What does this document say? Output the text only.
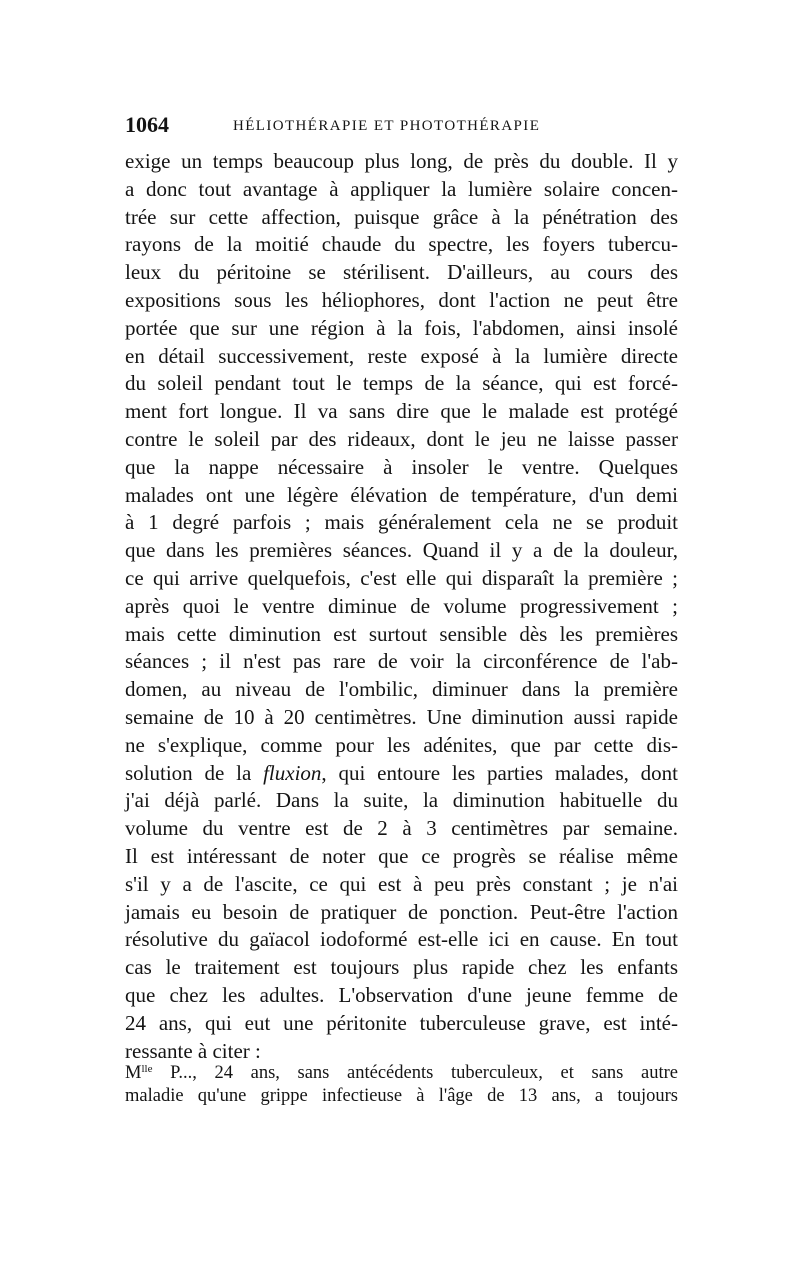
1064	HÉLIOTHÉRAPIE ET PHOTOTHÉRAPIE
exige un temps beaucoup plus long, de près du double. Il y
a donc tout avantage à appliquer la lumière solaire concen-
trée sur cette affection, puisque grâce à la pénétration des
rayons de la moitié chaude du spectre, les foyers tubercu-
leux du péritoine se stérilisent. D'ailleurs, au cours des
expositions sous les héliophores, dont l'action ne peut être
portée que sur une région à la fois, l'abdomen, ainsi insolé
en détail successivement, reste exposé à la lumière directe
du soleil pendant tout le temps de la séance, qui est forcé-
ment fort longue. Il va sans dire que le malade est protégé
contre le soleil par des rideaux, dont le jeu ne laisse passer
que la nappe nécessaire à insoler le ventre. Quelques
malades ont une légère élévation de température, d'un demi
à 1 degré parfois ; mais généralement cela ne se produit
que dans les premières séances. Quand il y a de la douleur,
ce qui arrive quelquefois, c'est elle qui disparaît la première ;
après quoi le ventre diminue de volume progressivement ;
mais cette diminution est surtout sensible dès les premières
séances ; il n'est pas rare de voir la circonférence de l'ab-
domen, au niveau de l'ombilic, diminuer dans la première
semaine de 10 à 20 centimètres. Une diminution aussi rapide
ne s'explique, comme pour les adénites, que par cette dis-
solution de la fluxion, qui entoure les parties malades, dont
j'ai déjà parlé. Dans la suite, la diminution habituelle du
volume du ventre est de 2 à 3 centimètres par semaine.
Il est intéressant de noter que ce progrès se réalise même
s'il y a de l'ascite, ce qui est à peu près constant ; je n'ai
jamais eu besoin de pratiquer de ponction. Peut-être l'action
résolutive du gaïacol iodoformé est-elle ici en cause. En tout
cas le traitement est toujours plus rapide chez les enfants
que chez les adultes. L'observation d'une jeune femme de
24 ans, qui eut une péritonite tuberculeuse grave, est inté-
ressante à citer :
$M^{lle}$ P..., 24 ans, sans antécédents tuberculeux, et sans autre
maladie qu'une grippe infectieuse à l'âge de 13 ans, a toujours
